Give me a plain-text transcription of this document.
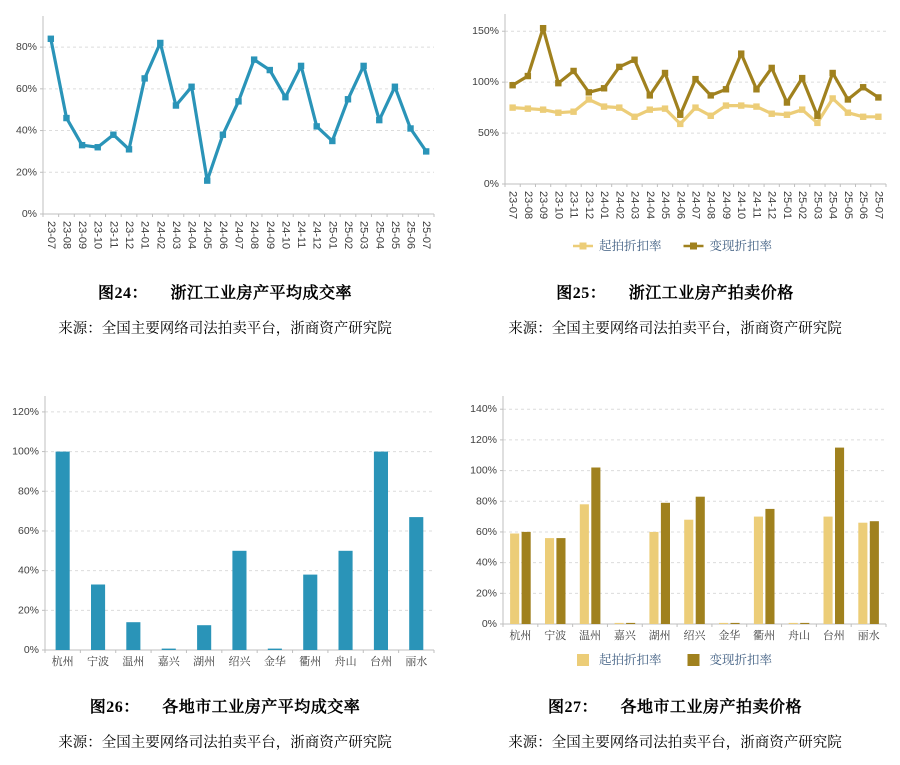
0%
20%
40%
60%
80%
23-07 23-08 23-09 23-10 23-11 23-12 24-01 24-02 24-03 24-04 24-05 24-06 24-07 24-08 24-09 24-10 24-11 24-12 25-01 25-02 25-03 25-04 25-05 25-06 25-07
图24： 浙江工业房产平均成交率

来源：全国主要网络司法拍卖平台，浙商资产研究院

0%
50%
100%
150%
23-07 23-08 23-09 23-10 23-11 23-12 24-01 24-02 24-03 24-04 24-05 24-06 24-07 24-08 24-09 24-10 24-11 24-12 25-01 25-02 25-03 25-04 25-05 25-06 25-07
起拍折扣率	变现折扣率
图25： 浙江工业房产拍卖价格

来源：全国主要网络司法拍卖平台，浙商资产研究院

0%
20%
40%
60%
80%
100%
120%
杭州 宁波 温州 嘉兴 湖州 绍兴 金华 衢州 舟山 台州 丽水
图26： 各地市工业房产平均成交率

来源：全国主要网络司法拍卖平台，浙商资产研究院

0%
20%
40%
60%
80%
100%
120%
140%
杭州 宁波 温州 嘉兴 湖州 绍兴 金华 衢州 舟山 台州 丽水
起拍折扣率	变现折扣率
图27： 各地市工业房产拍卖价格

来源：全国主要网络司法拍卖平台，浙商资产研究院
